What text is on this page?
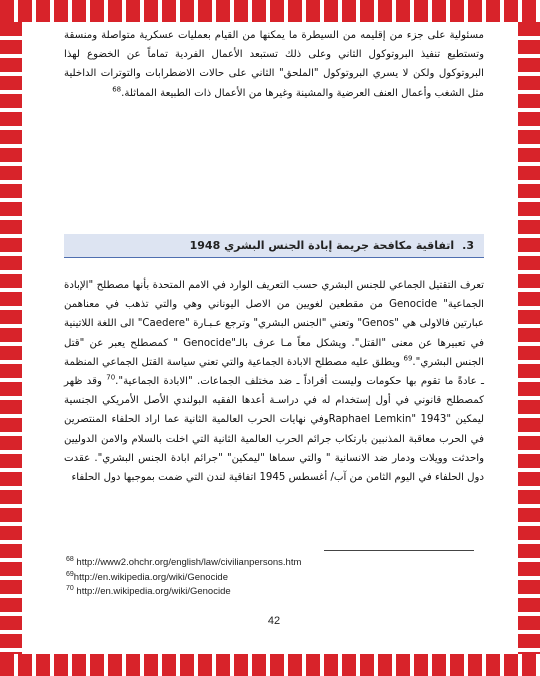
مسئولية على جزء من إقليمه من السيطرة ما يمكنها من القيام بعمليات عسكرية متواصلة ومنسقة وتستطيع تنفيذ البروتوكول الثاني وعلى ذلك تستبعد الأعمال الفردية تماماً عن الخضوع لهذا البروتوكول ولكن لا يسري البروتوكول "الملحق" الثاني على حالات الاضطرابات والتوترات الداخلية مثل الشغب وأعمال العنف العرضية والمشينة وغيرها من الأعمال ذات الطبيعة المماثلة.$^{68}$

3.
اتفاقية مكافحة جريمة إبادة الجنس البشري 1948

تعرف التقتيل الجماعي للجنس البشري حسب التعريف الوارد في الامم المتحدة بأنها مصطلح "الإبادة الجماعية" Genocide من مقطعين لغويين من الاصل اليوناني وهي والتي تذهب في معناهمن عبارتين فالاولى هي "Genos" وتعني "الجنس البشري" وترجع عـبـارة "Caedere" الى اللغة اللاتينية في تعبيرها عن معنى "القتل". ويشكل معاً مـا عرف بالـ"Genocide " كمصطلح يعبر عن "قتل الجنس البشري".$^{69}$ ويطلق عليه مصطلح الابادة الجماعية والتي تعني سياسة القتل الجماعي المنظمة ـ عادةً ما تقوم بها حكومات وليست أفراداً ـ ضد مختلف الجماعات. "الابادة الجماعية".$^{70}$ وقد ظهر كمصطلح قانوني في أول إستخدام له في دراسـة أعدها الفقيه البولندي الأصل الأمريكي الجنسية ليمكين "Raphael Lemkin" 1943وفي نهايات الحرب العالمية الثانية عما اراد الحلفاء المنتصرين في الحرب معاقبة المذنبين بارتكاب جرائم الحرب العالمية الثانية التي اخلت بالسلام والامن الدوليين واحدثت وويلات ودمار ضد الانسانية " والتي سماها "ليمكين" "جرائم ابادة الجنس البشري". عقدت دول الحلفاء في اليوم الثامن من آب/ أغسطس 1945 اتفاقية لندن التي ضمت بموجبها دول الحلفاء

$^{68}$ http://www2.ohchr.org/english/law/civilianpersons.htm
$^{69}$http://en.wikipedia.org/wiki/Genocide
$^{70}$ http://en.wikipedia.org/wiki/Genocide
42
